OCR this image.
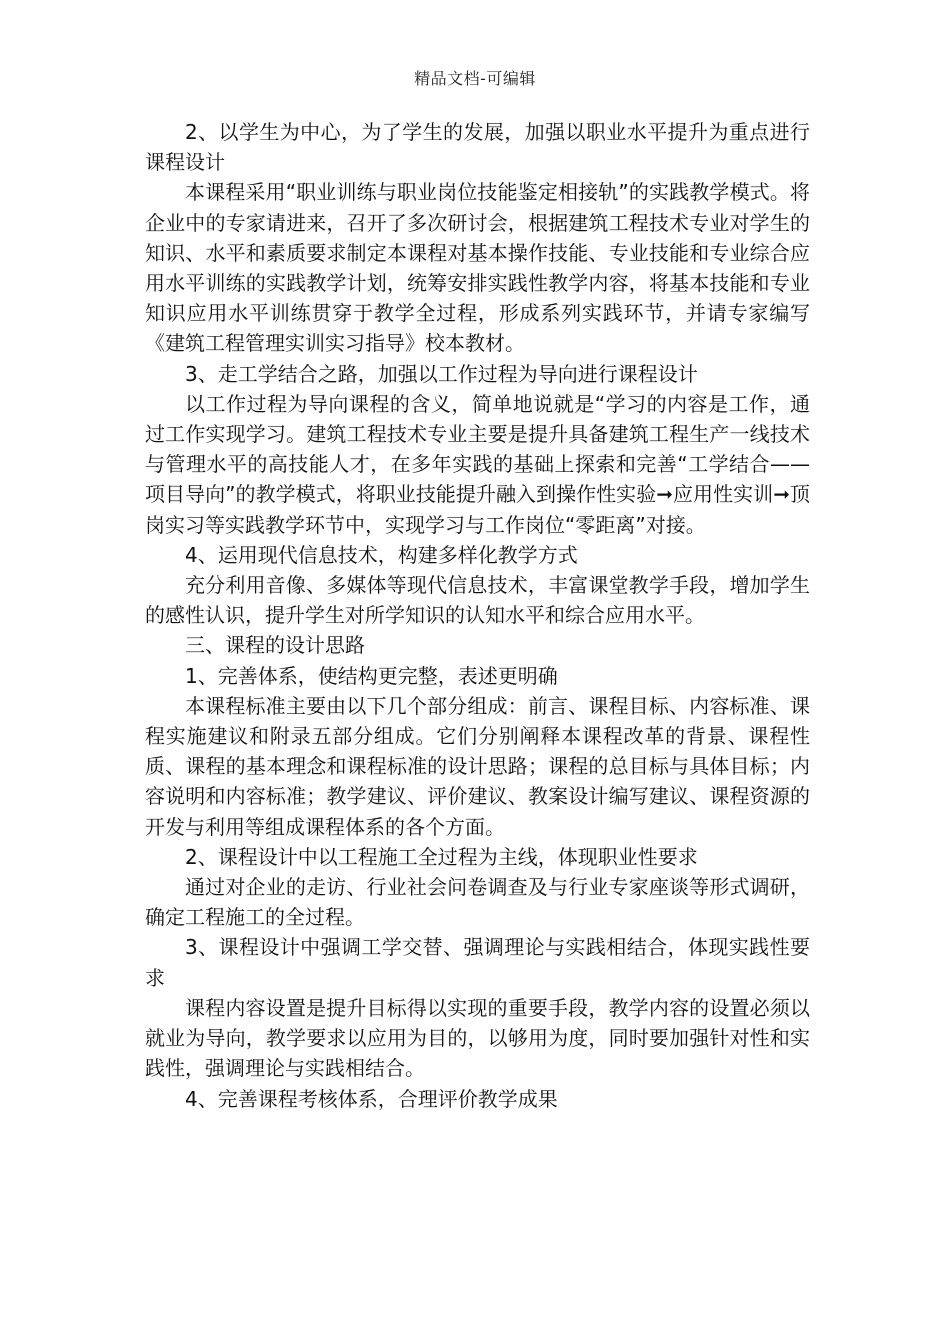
精品文档-可编辑

2、以学生为中心，为了学生的发展，加强以职业水平提升为重点进行课程设计

本课程采用“职业训练与职业岗位技能鉴定相接轨”的实践教学模式。将企业中的专家请进来，召开了多次研讨会，根据建筑工程技术专业对学生的知识、水平和素质要求制定本课程对基本操作技能、专业技能和专业综合应用水平训练的实践教学计划，统筹安排实践性教学内容，将基本技能和专业知识应用水平训练贯穿于教学全过程，形成系列实践环节，并请专家编写《建筑工程管理实训实习指导》校本教材。

3、走工学结合之路，加强以工作过程为导向进行课程设计

以工作过程为导向课程的含义，简单地说就是“学习的内容是工作，通过工作实现学习。建筑工程技术专业主要是提升具备建筑工程生产一线技术与管理水平的高技能人才，在多年实践的基础上探索和完善“工学结合——项目导向”的教学模式，将职业技能提升融入到操作性实验➞应用性实训➞顶岗实习等实践教学环节中，实现学习与工作岗位“零距离”对接。

4、运用现代信息技术，构建多样化教学方式

充分利用音像、多媒体等现代信息技术，丰富课堂教学手段，增加学生的感性认识，提升学生对所学知识的认知水平和综合应用水平。

三、课程的设计思路

1、完善体系，使结构更完整，表述更明确

本课程标准主要由以下几个部分组成：前言、课程目标、内容标准、课程实施建议和附录五部分组成。它们分别阐释本课程改革的背景、课程性质、课程的基本理念和课程标准的设计思路；课程的总目标与具体目标；内容说明和内容标准；教学建议、评价建议、教案设计编写建议、课程资源的开发与利用等组成课程体系的各个方面。

2、课程设计中以工程施工全过程为主线，体现职业性要求

通过对企业的走访、行业社会问卷调查及与行业专家座谈等形式调研，确定工程施工的全过程。

3、课程设计中强调工学交替、强调理论与实践相结合，体现实践性要求

课程内容设置是提升目标得以实现的重要手段，教学内容的设置必须以就业为导向，教学要求以应用为目的，以够用为度，同时要加强针对性和实践性，强调理论与实践相结合。

4、完善课程考核体系，合理评价教学成果
